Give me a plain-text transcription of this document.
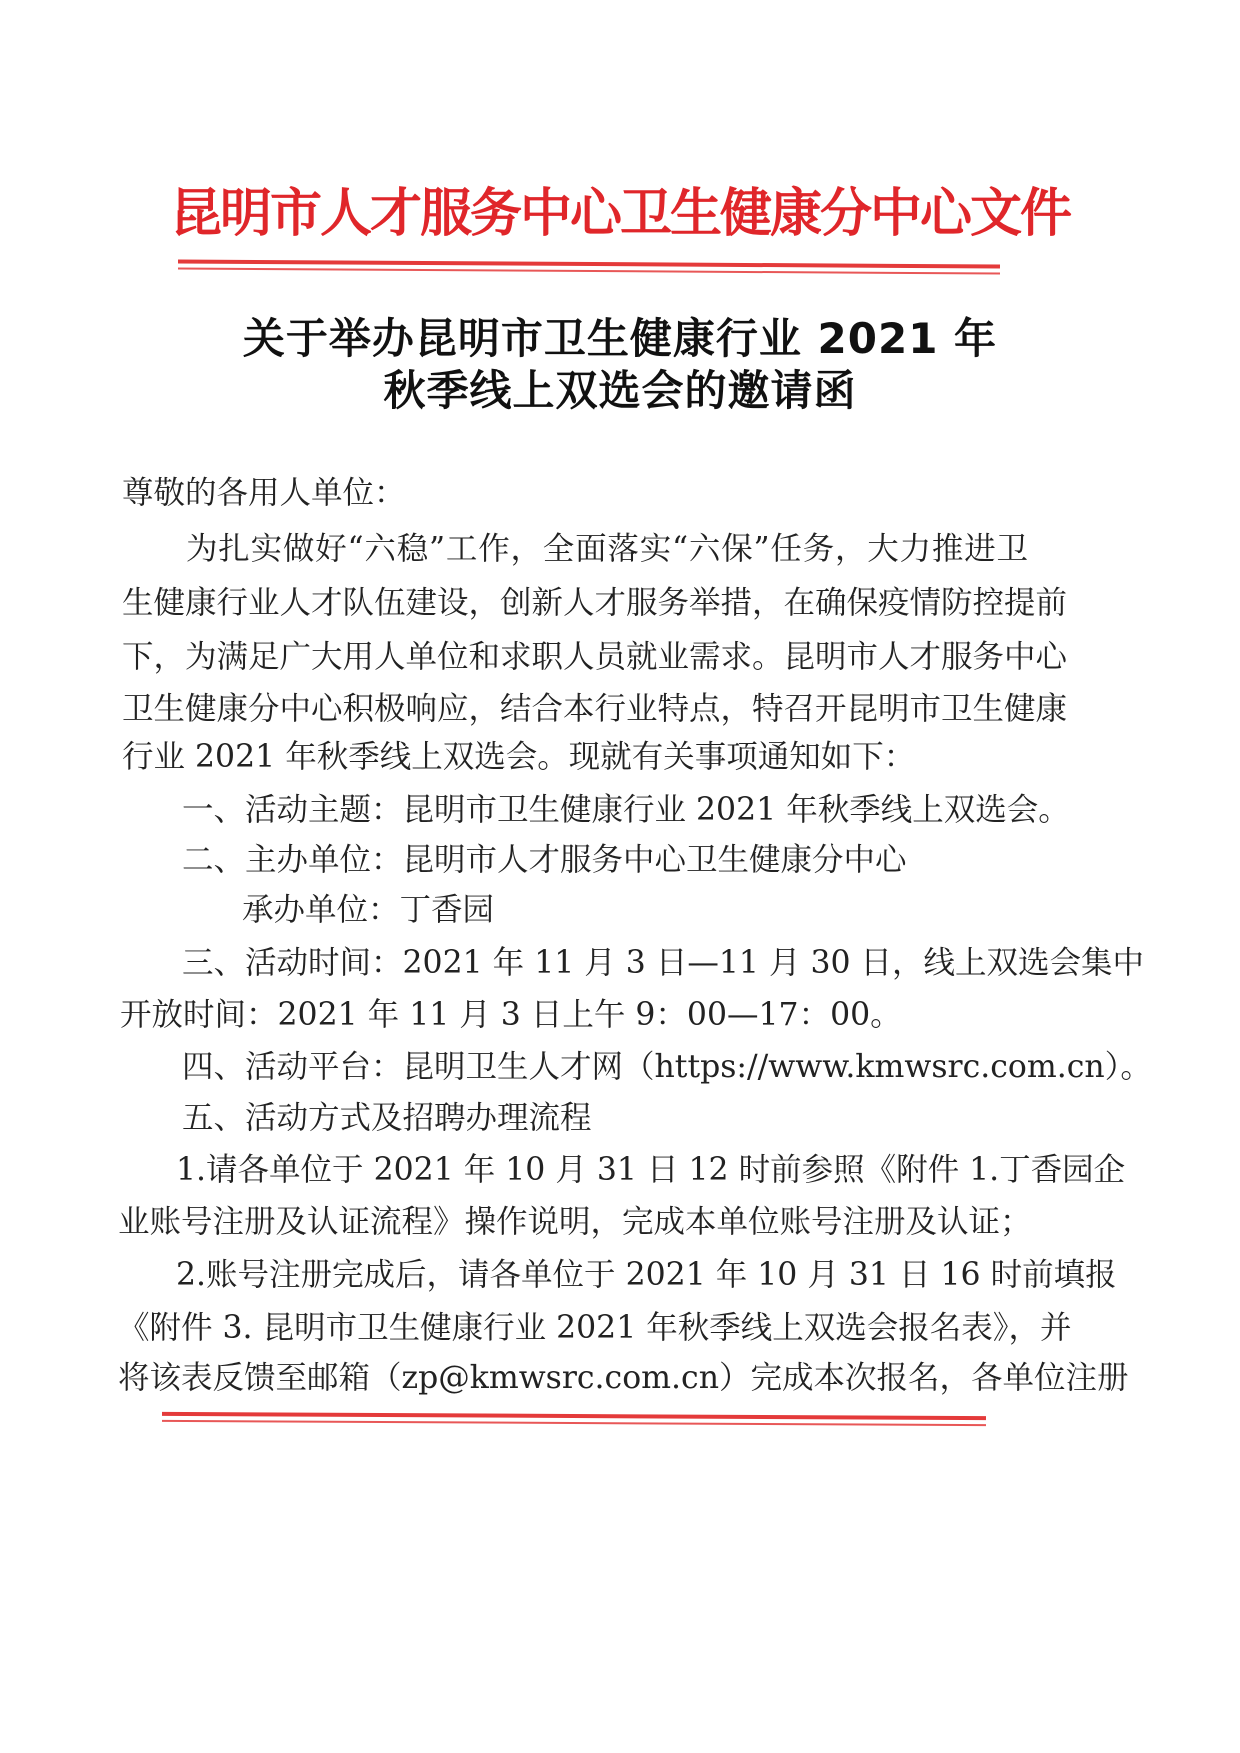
昆明市人才服务中心卫生健康分中心文件
关于举办昆明市卫生健康行业 2021 年
秋季线上双选会的邀请函
尊敬的各用人单位：
为扎实做好“六稳”工作，全面落实“六保”任务，大力推进卫
生健康行业人才队伍建设，创新人才服务举措，在确保疫情防控提前
下，为满足广大用人单位和求职人员就业需求。昆明市人才服务中心
卫生健康分中心积极响应，结合本行业特点，特召开昆明市卫生健康
行业 2021 年秋季线上双选会。现就有关事项通知如下：
一、活动主题：昆明市卫生健康行业 2021 年秋季线上双选会。
二、主办单位：昆明市人才服务中心卫生健康分中心
承办单位：丁香园
三、活动时间：2021 年 11 月 3 日—11 月 30 日，线上双选会集中
开放时间：2021 年 11 月 3 日上午 9：00—17：00。
四、活动平台：昆明卫生人才网（https://www.kmwsrc.com.cn）。
五、活动方式及招聘办理流程
1.请各单位于 2021 年 10 月 31 日 12 时前参照《附件 1.丁香园企
业账号注册及认证流程》操作说明，完成本单位账号注册及认证；
2.账号注册完成后，请各单位于 2021 年 10 月 31 日 16 时前填报
《附件 3. 昆明市卫生健康行业 2021 年秋季线上双选会报名表》，并
将该表反馈至邮箱（zp@kmwsrc.com.cn）完成本次报名，各单位注册
